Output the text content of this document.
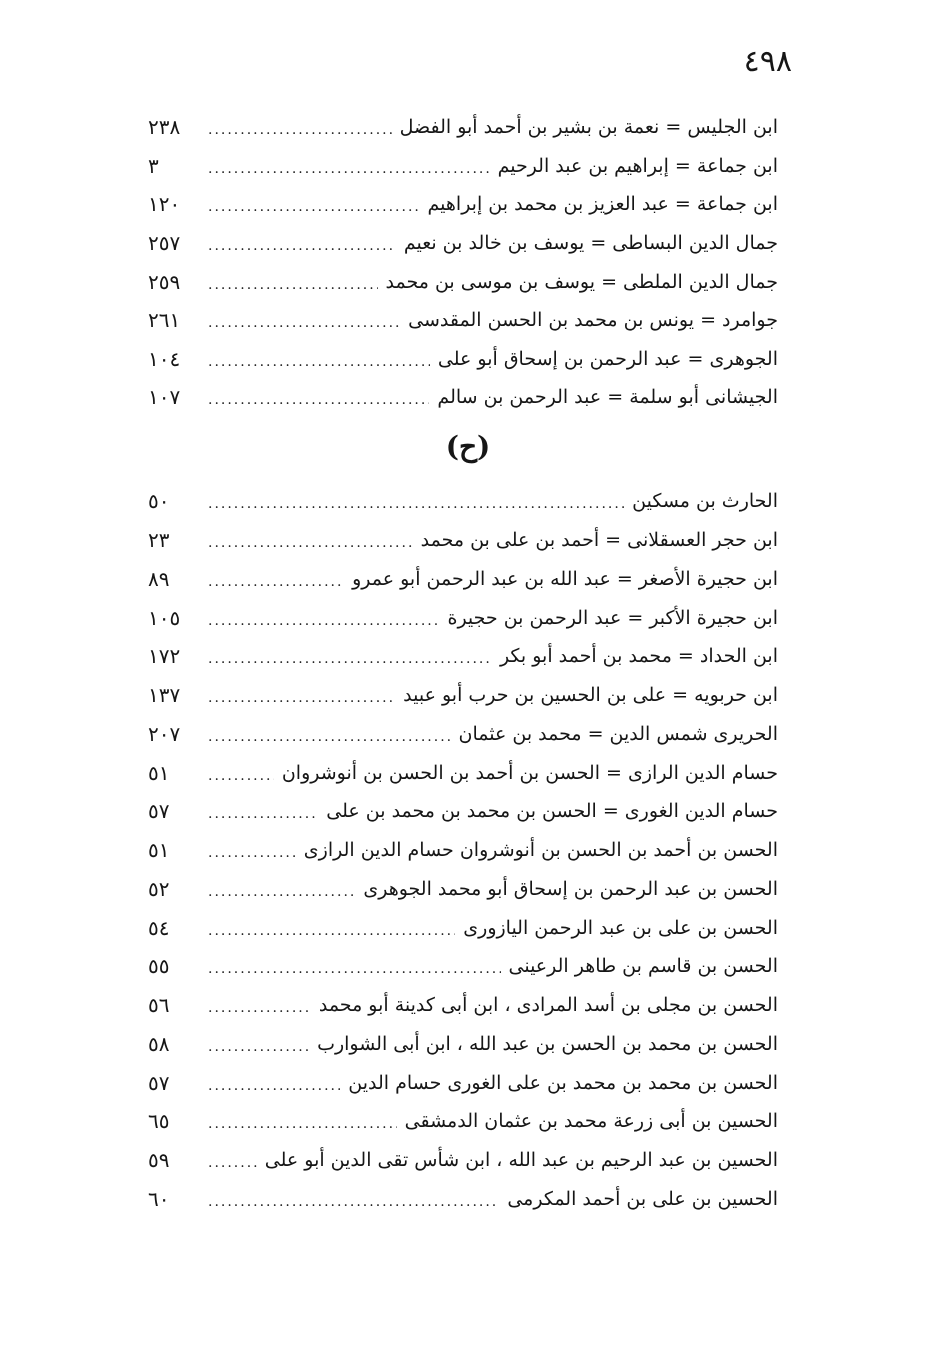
٤٩٨
ابن الجليس = نعمة بن بشير بن أحمد أبو الفضل
.....
٢٣٨
ابن جماعة = إبراهيم بن عبد الرحيم
.....
٣
ابن جماعة = عبد العزيز بن محمد بن إبراهيم
.....
١٢٠
جمال الدين البساطى = يوسف بن خالد بن نعيم
.....
٢٥٧
جمال الدين الملطى = يوسف بن موسى بن محمد
.....
٢٥٩
جوامرد = يونس بن محمد بن الحسن المقدسى
.....
٢٦١
الجوهرى = عبد الرحمن بن إسحاق أبو على
.....
١٠٤
الجيشانى أبو سلمة = عبد الرحمن بن سالم
.....
١٠٧
(ح)
الحارث بن مسكين
.....
٥٠
ابن حجر العسقلانى = أحمد بن على بن محمد
.....
٢٣
ابن حجيرة الأصغر = عبد الله بن عبد الرحمن أبو عمرو
.....
٨٩
ابن حجيرة الأكبر = عبد الرحمن بن حجيرة
.....
١٠٥
ابن الحداد = محمد بن أحمد أبو بكر
.....
١٧٢
ابن حربويه = على بن الحسين بن حرب أبو عبيد
.....
١٣٧
الحريرى شمس الدين = محمد بن عثمان
.....
٢٠٧
حسام الدين الرازى = الحسن بن أحمد بن الحسن بن أنوشروان
.....
٥١
حسام الدين الغورى = الحسن بن محمد بن محمد بن على
.....
٥٧
الحسن بن أحمد بن الحسن بن أنوشروان حسام الدين الرازى
.....
٥١
الحسن بن عبد الرحمن بن إسحاق أبو محمد الجوهرى
.....
٥٢
الحسن بن على بن عبد الرحمن اليازورى
.....
٥٤
الحسن بن قاسم بن طاهر الرعينى
.....
٥٥
الحسن بن مجلى بن أسد المرادى ، ابن أبى كدينة أبو محمد
.....
٥٦
الحسن بن محمد بن الحسن بن عبد الله ، ابن أبى الشوارب
.....
٥٨
الحسن بن محمد بن محمد بن على الغورى حسام الدين
.....
٥٧
الحسين بن أبى زرعة محمد بن عثمان الدمشقى
.....
٦٥
الحسين بن عبد الرحيم بن عبد الله ، ابن شأس تقى الدين أبو على
.....
٥٩
الحسين بن على بن أحمد المكرمى
.....
٦٠
